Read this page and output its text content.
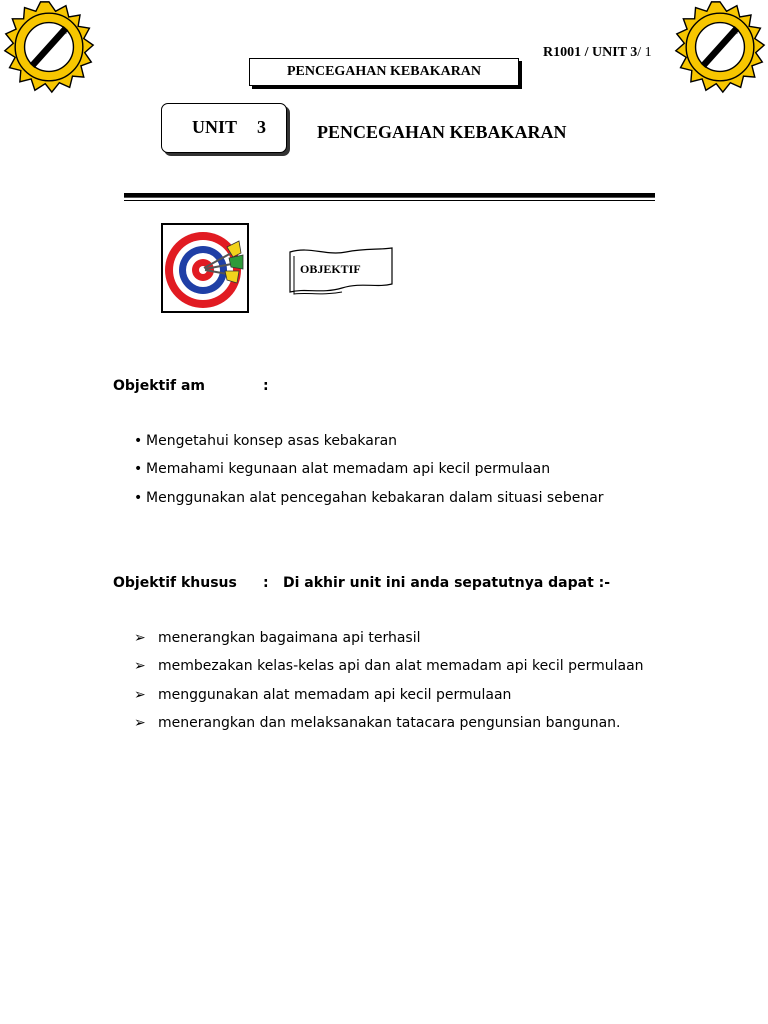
Click here to buy	Click here to buy
R1001 / UNIT 3/ 1
PENCEGAHAN KEBAKARAN
UNIT 3	PENCEGAHAN KEBAKARAN
OBJEKTIF
Objektif am	:
• Mengetahui konsep asas kebakaran
• Memahami kegunaan alat memadam api kecil permulaan
• Menggunakan alat pencegahan kebakaran dalam situasi sebenar
Objektif khusus : Di akhir unit ini anda sepatutnya dapat :-
➢ menerangkan bagaimana api terhasil
➢ membezakan kelas-kelas api dan alat memadam api kecil permulaan
➢ menggunakan alat memadam api kecil permulaan
➢ menerangkan dan melaksanakan tatacara pengunsian bangunan.
